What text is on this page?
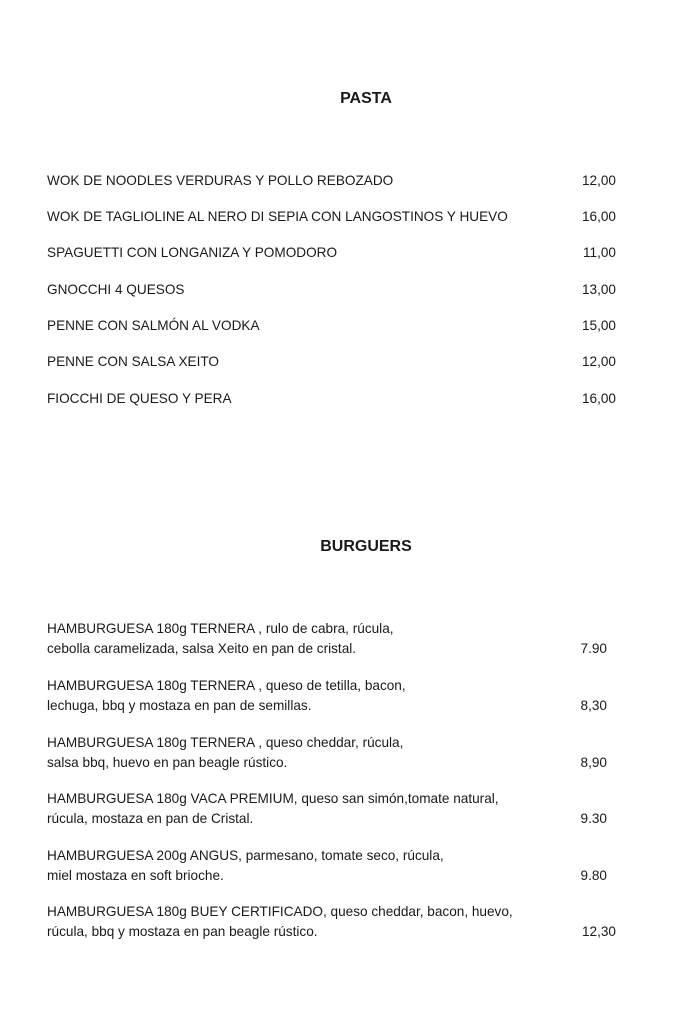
PASTA
WOK DE NOODLES VERDURAS Y POLLO REBOZADO	12,00
WOK DE TAGLIOLINE AL NERO DI SEPIA CON LANGOSTINOS Y HUEVO	16,00
SPAGUETTI CON LONGANIZA Y POMODORO	11,00
GNOCCHI 4 QUESOS	13,00
PENNE CON SALMÓN AL VODKA	15,00
PENNE CON SALSA XEITO	12,00
FIOCCHI DE QUESO Y PERA	16,00
BURGUERS
HAMBURGUESA 180g TERNERA , rulo de cabra, rúcula,
cebolla caramelizada, salsa Xeito en pan de cristal.	7.90
HAMBURGUESA 180g TERNERA , queso de tetilla, bacon,
lechuga, bbq y mostaza en pan de semillas.	8,30
HAMBURGUESA 180g TERNERA , queso cheddar, rúcula,
salsa bbq, huevo en pan beagle rústico.	8,90
HAMBURGUESA 180g VACA PREMIUM, queso san simón,tomate natural,
rúcula, mostaza en pan de Cristal.	9.30
HAMBURGUESA 200g ANGUS, parmesano, tomate seco, rúcula,
miel mostaza en soft brioche.	9.80
HAMBURGUESA 180g BUEY CERTIFICADO, queso cheddar, bacon, huevo,
rúcula, bbq y mostaza en pan beagle rústico.	12,30
